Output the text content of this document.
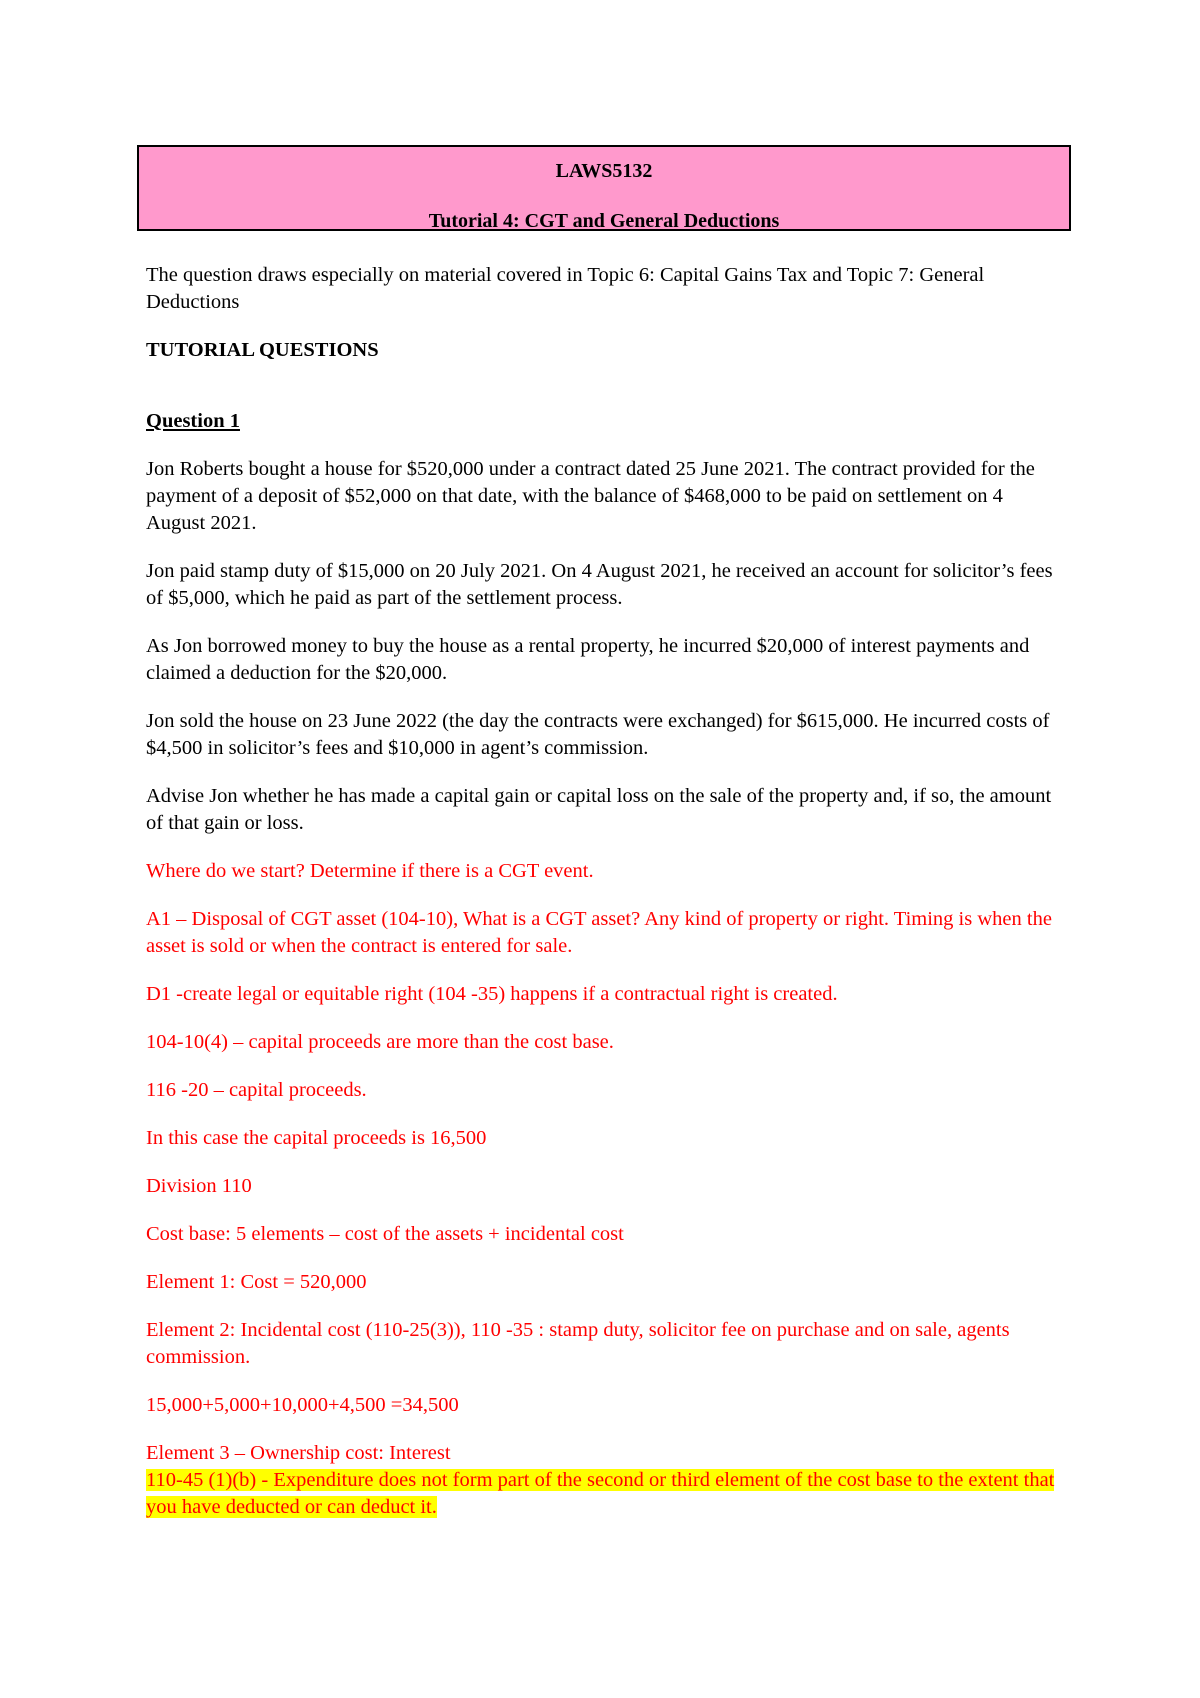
LAWS5132
Tutorial 4: CGT and General Deductions

The question draws especially on material covered in Topic 6: Capital Gains Tax and Topic 7: General Deductions

TUTORIAL QUESTIONS

Question 1

Jon Roberts bought a house for $520,000 under a contract dated 25 June 2021. The contract provided for the payment of a deposit of $52,000 on that date, with the balance of $468,000 to be paid on settlement on 4 August 2021.

Jon paid stamp duty of $15,000 on 20 July 2021. On 4 August 2021, he received an account for solicitor’s fees of $5,000, which he paid as part of the settlement process.

As Jon borrowed money to buy the house as a rental property, he incurred $20,000 of interest payments and claimed a deduction for the $20,000.

Jon sold the house on 23 June 2022 (the day the contracts were exchanged) for $615,000. He incurred costs of $4,500 in solicitor’s fees and $10,000 in agent’s commission.

Advise Jon whether he has made a capital gain or capital loss on the sale of the property and, if so, the amount of that gain or loss.

Where do we start? Determine if there is a CGT event.

A1 – Disposal of CGT asset (104-10), What is a CGT asset? Any kind of property or right. Timing is when the asset is sold or when the contract is entered for sale.

D1 -create legal or equitable right (104 -35) happens if a contractual right is created.

104-10(4) – capital proceeds are more than the cost base.

116 -20 – capital proceeds.

In this case the capital proceeds is 16,500

Division 110

Cost base: 5 elements – cost of the assets + incidental cost

Element 1: Cost = 520,000

Element 2: Incidental cost (110-25(3)), 110 -35 : stamp duty, solicitor fee on purchase and on sale, agents commission.

15,000+5,000+10,000+4,500 =34,500

Element 3 – Ownership cost: Interest

110-45 (1)(b) - Expenditure does not form part of the second or third element of the cost base to the extent that you have deducted or can deduct it.
